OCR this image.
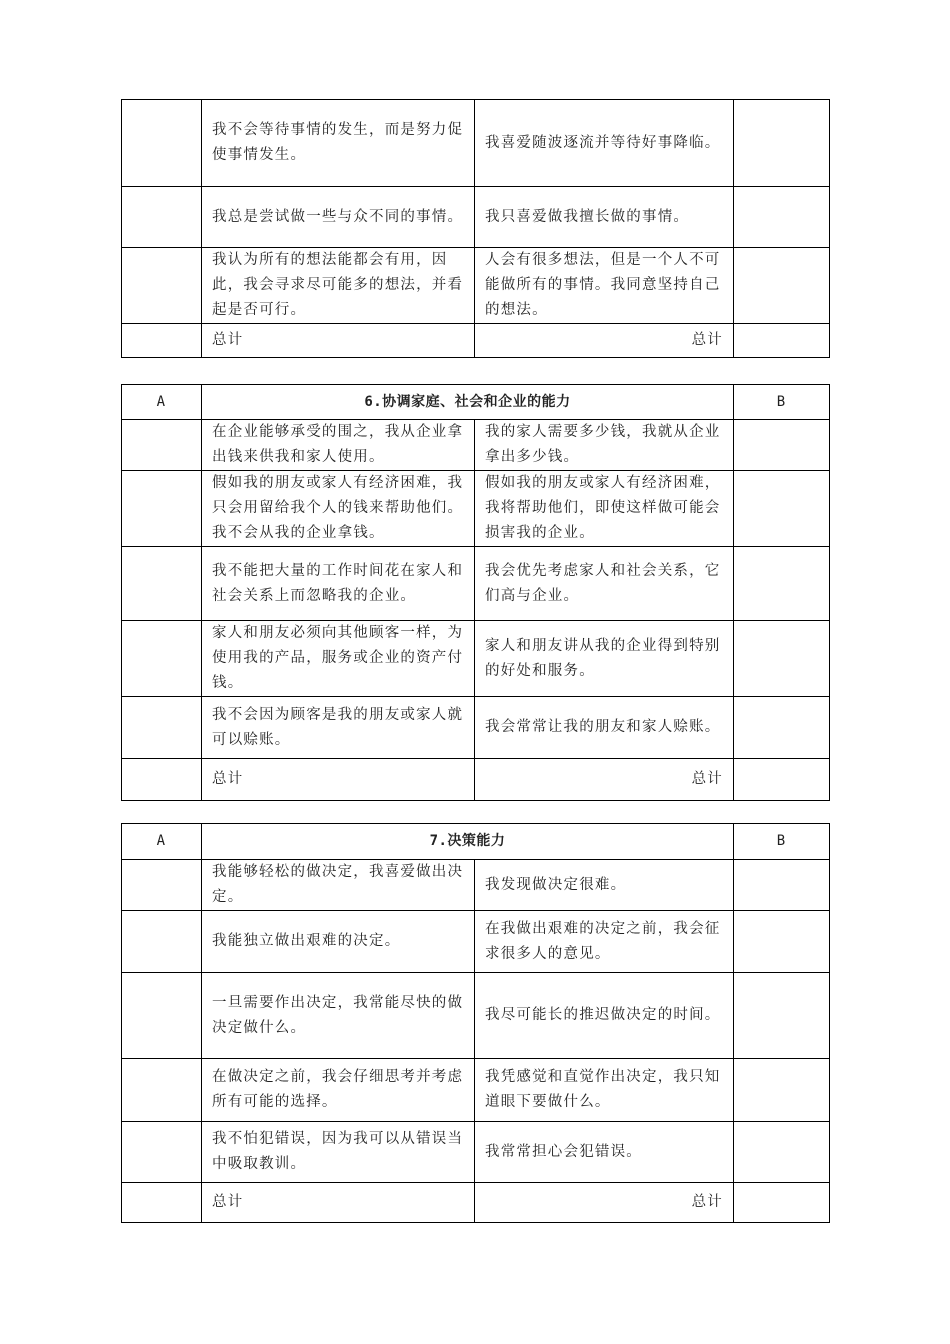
	我不会等待事情的发生，而是努力促使事情发生。	我喜爱随波逐流并等待好事降临。	
	我总是尝试做一些与众不同的事情。	我只喜爱做我擅长做的事情。	
	我认为所有的想法能都会有用，因此，我会寻求尽可能多的想法，并看起是否可行。	人会有很多想法，但是一个人不可能做所有的事情。我同意坚持自己的想法。	
	总计	总计	
A	6.协调家庭、社会和企业的能力		B
	在企业能够承受的围之，我从企业拿出钱来供我和家人使用。	我的家人需要多少钱，我就从企业拿出多少钱。	
	假如我的朋友或家人有经济困难，我只会用留给我个人的钱来帮助他们。我不会从我的企业拿钱。	假如我的朋友或家人有经济困难，我将帮助他们，即使这样做可能会损害我的企业。	
	我不能把大量的工作时间花在家人和社会关系上而忽略我的企业。	我会优先考虑家人和社会关系，它们高与企业。	
	家人和朋友必须向其他顾客一样，为使用我的产品，服务或企业的资产付钱。	家人和朋友讲从我的企业得到特别的好处和服务。	
	我不会因为顾客是我的朋友或家人就可以赊账。	我会常常让我的朋友和家人赊账。	
	总计	总计	
A	7.决策能力		B
	我能够轻松的做决定，我喜爱做出决定。	我发现做决定很难。	
	我能独立做出艰难的决定。	在我做出艰难的决定之前，我会征求很多人的意见。	
	一旦需要作出决定，我常能尽快的做决定做什么。	我尽可能长的推迟做决定的时间。	
	在做决定之前，我会仔细思考并考虑所有可能的选择。	我凭感觉和直觉作出决定，我只知道眼下要做什么。	
	我不怕犯错误，因为我可以从错误当中吸取教训。	我常常担心会犯错误。	
	总计	总计	
